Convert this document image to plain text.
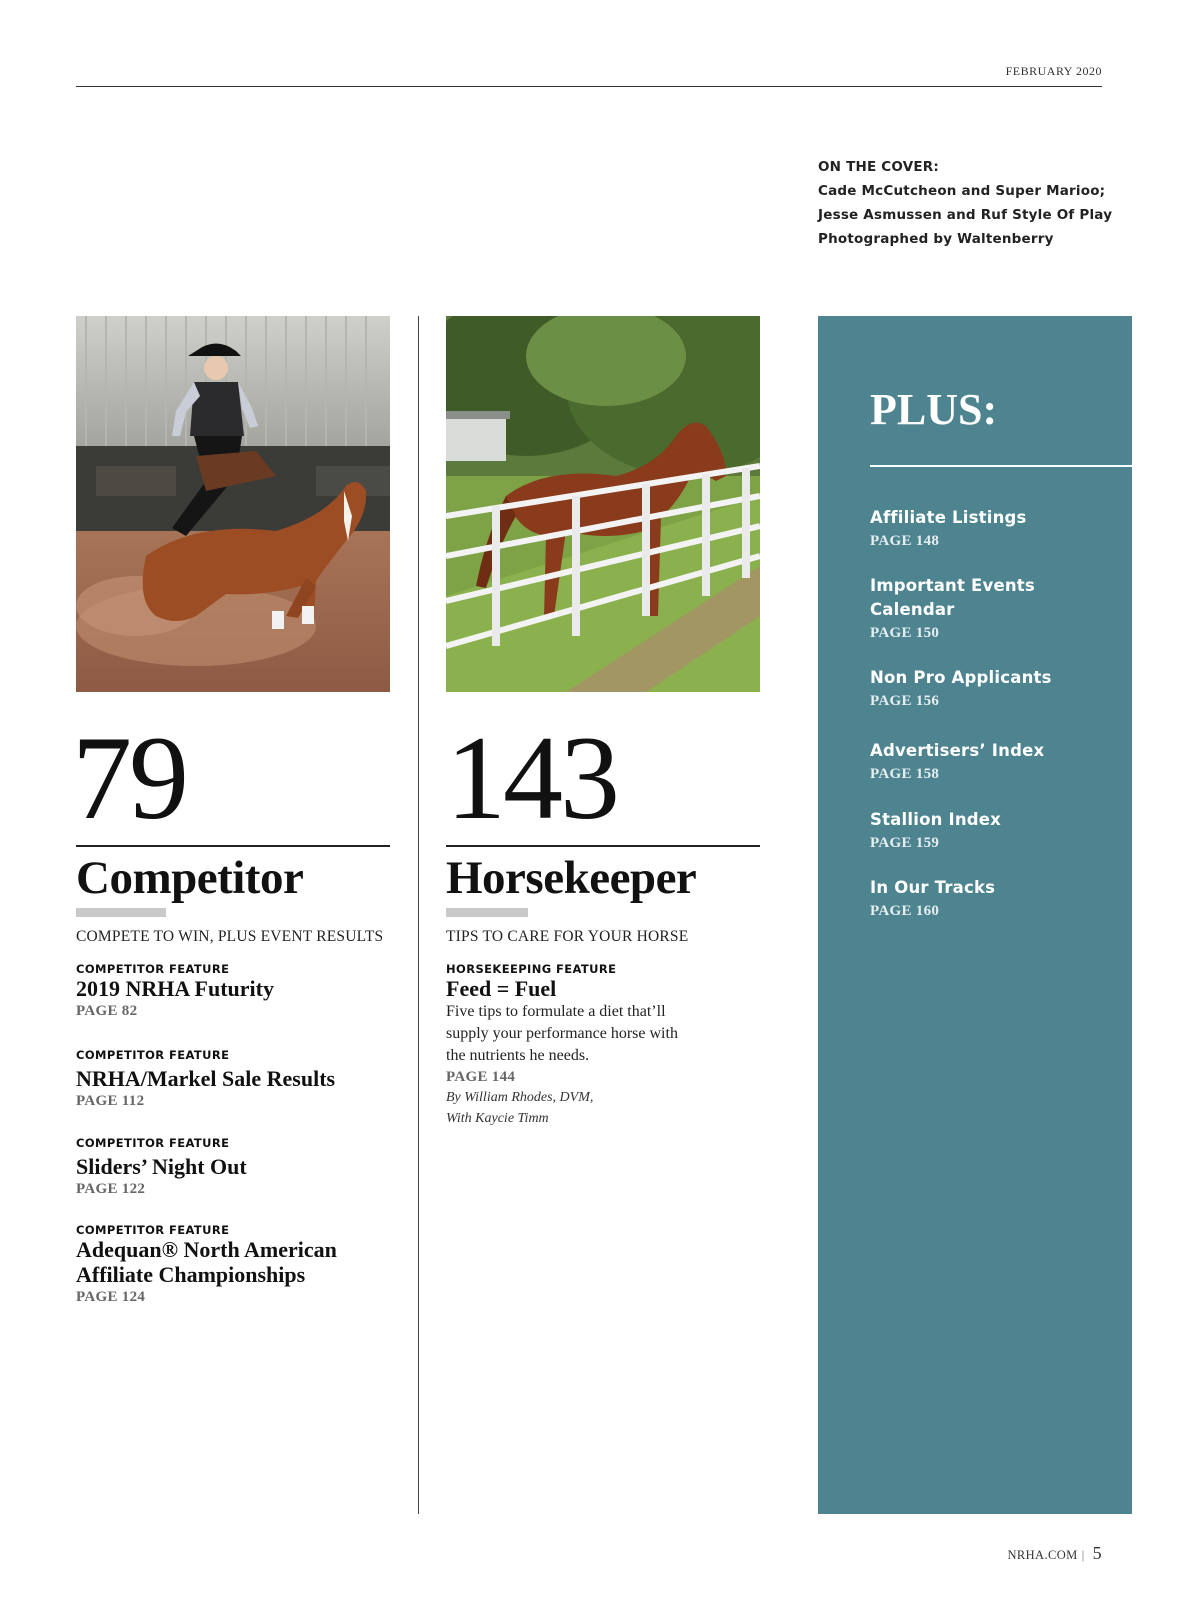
FEBRUARY 2020
ON THE COVER:
Cade McCutcheon and Super Marioo;
Jesse Asmussen and Ruf Style Of Play
Photographed by Waltenberry
79
Competitor
COMPETE TO WIN, PLUS EVENT RESULTS
COMPETITOR FEATURE
2019 NRHA Futurity
PAGE 82
COMPETITOR FEATURE
NRHA/Markel Sale Results
PAGE 112
COMPETITOR FEATURE
Sliders’ Night Out
PAGE 122
COMPETITOR FEATURE
Adequan® North American
Affiliate Championships
PAGE 124
143
Horsekeeper
TIPS TO CARE FOR YOUR HORSE
HORSEKEEPING FEATURE
Feed = Fuel
Five tips to formulate a diet that’ll
supply your performance horse with
the nutrients he needs.
PAGE 144
By William Rhodes, DVM,
With Kaycie Timm
PLUS:
Affiliate Listings
PAGE 148
Important Events
Calendar
PAGE 150
Non Pro Applicants
PAGE 156
Advertisers’ Index
PAGE 158
Stallion Index
PAGE 159
In Our Tracks
PAGE 160
NRHA.COM | 5
